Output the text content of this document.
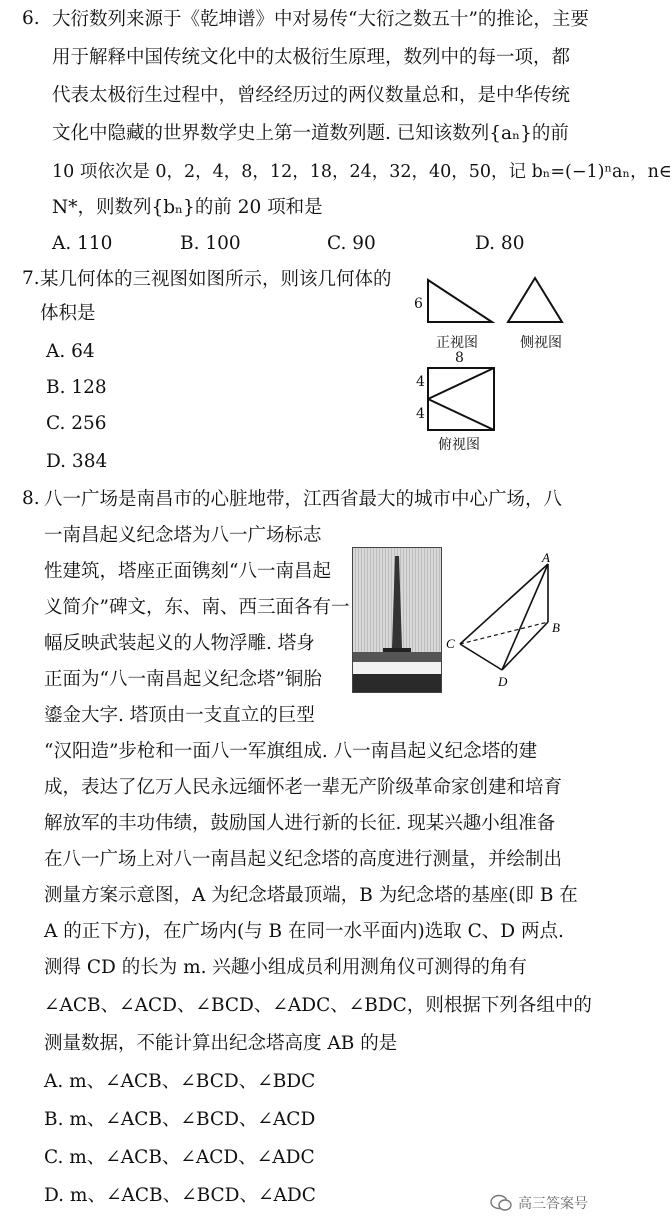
6. 大衍数列来源于《乾坤谱》中对易传“大衍之数五十”的推论，主要
用于解释中国传统文化中的太极衍生原理，数列中的每一项，都
代表太极衍生过程中，曾经经历过的两仪数量总和，是中华传统
文化中隐藏的世界数学史上第一道数列题. 已知该数列{aₙ}的前
10 项依次是 0，2，4，8，12，18，24，32，40，50，记 bₙ=(−1)ⁿaₙ，n∈
N*，则数列{bₙ}的前 20 项和是
A. 110	B. 100	C. 90	D. 80
7. 某几何体的三视图如图所示，则该几何体的
体积是
A. 64
B. 128
C. 256
D. 384
6
正视图	侧视图
8
4
4
俯视图
8. 八一广场是南昌市的心脏地带，江西省最大的城市中心广场，八
一南昌起义纪念塔为八一广场标志
性建筑，塔座正面镌刻“八一南昌起
义简介”碑文，东、南、西三面各有一
幅反映武装起义的人物浮雕. 塔身
正面为“八一南昌起义纪念塔”铜胎
鎏金大字. 塔顶由一支直立的巨型
“汉阳造”步枪和一面八一军旗组成. 八一南昌起义纪念塔的建
成，表达了亿万人民永远缅怀老一辈无产阶级革命家创建和培育
解放军的丰功伟绩，鼓励国人进行新的长征. 现某兴趣小组准备
在八一广场上对八一南昌起义纪念塔的高度进行测量，并绘制出
测量方案示意图，A 为纪念塔最顶端，B 为纪念塔的基座(即 B 在
A 的正下方)，在广场内(与 B 在同一水平面内)选取 C、D 两点.
测得 CD 的长为 m. 兴趣小组成员利用测角仪可测得的角有
∠ACB、∠ACD、∠BCD、∠ADC、∠BDC，则根据下列各组中的
测量数据，不能计算出纪念塔高度 AB 的是
A. m、∠ACB、∠BCD、∠BDC
B. m、∠ACB、∠BCD、∠ACD
C. m、∠ACB、∠ACD、∠ADC
D. m、∠ACB、∠BCD、∠ADC
A
B
C
D
高三答案号
